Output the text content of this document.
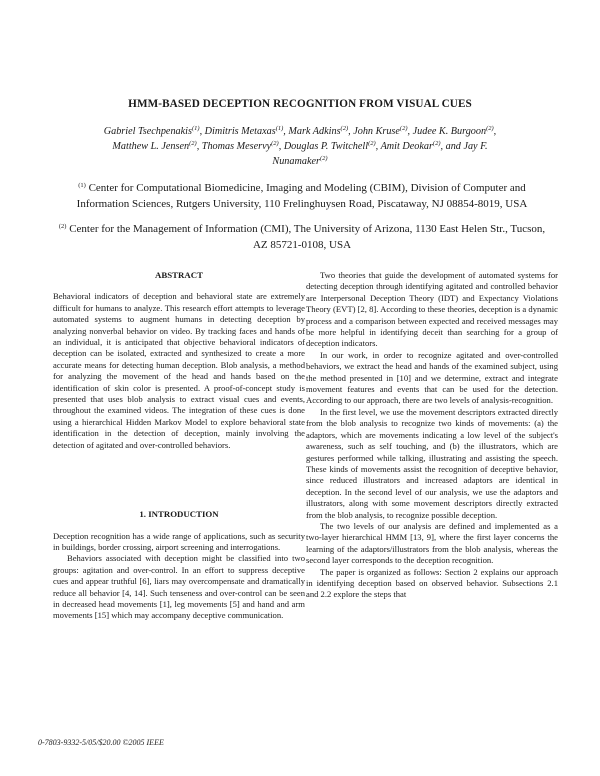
HMM-BASED DECEPTION RECOGNITION FROM VISUAL CUES
Gabriel Tsechpenakis$^{(1)}$, Dimitris Metaxas$^{(1)}$, Mark Adkins$^{(2)}$, John Kruse$^{(2)}$, Judee K. Burgoon$^{(2)}$, Matthew L. Jensen$^{(2)}$, Thomas Meservy$^{(2)}$, Douglas P. Twitchell$^{(2)}$, Amit Deokar$^{(2)}$, and Jay F. Nunamaker$^{(2)}$
$^{(1)}$ Center for Computational Biomedicine, Imaging and Modeling (CBIM), Division of Computer and Information Sciences, Rutgers University, 110 Frelinghuysen Road, Piscataway, NJ 08854-8019, USA
$^{(2)}$ Center for the Management of Information (CMI), The University of Arizona, 1130 East Helen Str., Tucson, AZ 85721-0108, USA
ABSTRACT

Behavioral indicators of deception and behavioral state are extremely difficult for humans to analyze. This research effort attempts to leverage automated systems to augment humans in detecting deception by analyzing nonverbal behavior on video. By tracking faces and hands of an individual, it is anticipated that objective behavioral indicators of deception can be isolated, extracted and synthesized to create a more accurate means for detecting human deception. Blob analysis, a method for analyzing the movement of the head and hands based on the identification of skin color is presented. A proof-of-concept study is presented that uses blob analysis to extract visual cues and events, throughout the examined videos. The integration of these cues is done using a hierarchical Hidden Markov Model to explore behavioral state identification in the detection of deception, mainly involving the detection of agitated and over-controlled behaviors.

1. INTRODUCTION

Deception recognition has a wide range of applications, such as security in buildings, border crossing, airport screening and interrogations.

Behaviors associated with deception might be classified into two groups: agitation and over-control. In an effort to suppress deceptive cues and appear truthful [6], liars may overcompensate and dramatically reduce all behavior [4, 14]. Such tenseness and over-control can be seen in decreased head movements [1], leg movements [5] and hand and arm movements [15] which may accompany deceptive communication.

Two theories that guide the development of automated systems for detecting deception through identifying agitated and controlled behavior are Interpersonal Deception Theory (IDT) and Expectancy Violations Theory (EVT) [2, 8]. According to these theories, deception is a dynamic process and a comparison between expected and received messages may be more helpful in identifying deceit than searching for a group of deception indicators.

In our work, in order to recognize agitated and over-controlled behaviors, we extract the head and hands of the examined subject, using the method presented in [10] and we determine, extract and integrate movement features and events that can be used for the detection. According to our approach, there are two levels of analysis-recognition.

In the first level, we use the movement descriptors extracted directly from the blob analysis to recognize two kinds of movements: (a) the adaptors, which are movements indicating a low level of the subject's awareness, such as self touching, and (b) the illustrators, which are gestures performed while talking, illustrating and assisting the speech. These kinds of movements assist the recognition of deceptive behavior, since reduced illustrators and increased adaptors are identical in deception. In the second level of our analysis, we use the adaptors and illustrators, along with some movement descriptors directly extracted from the blob analysis, to recognize possible deception.

The two levels of our analysis are defined and implemented as a two-layer hierarchical HMM [13, 9], where the first layer concerns the learning of the adaptors/illustrators from the blob analysis, whereas the second layer corresponds to the deception recognition.

The paper is organized as follows: Section 2 explains our approach in identifying deception based on observed behavior. Subsections 2.1 and 2.2 explore the steps that

0-7803-9332-5/05/$20.00 ©2005 IEEE
